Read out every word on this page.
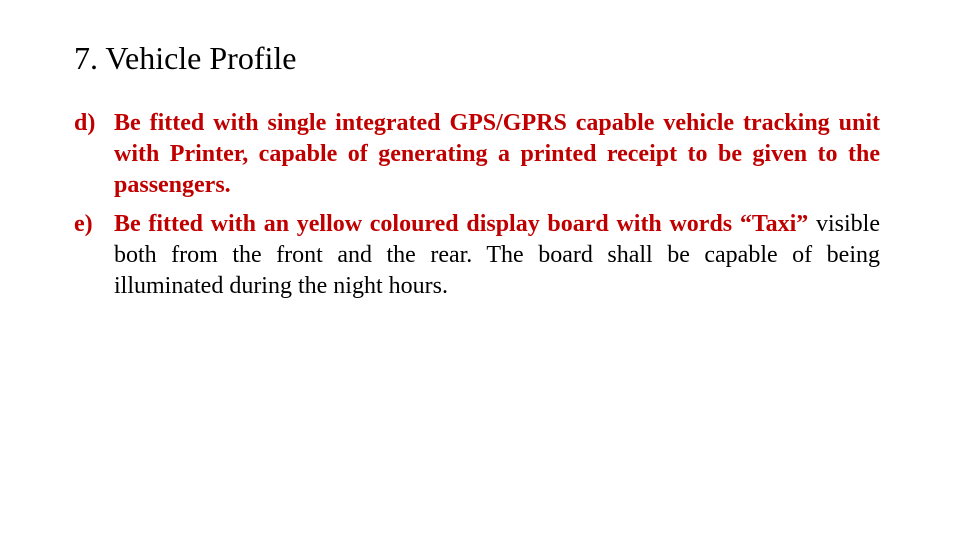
7. Vehicle Profile

d) Be fitted with single integrated GPS/GPRS capable vehicle tracking unit with Printer, capable of generating a printed receipt to be given to the passengers.

e) Be fitted with an yellow coloured display board with words “Taxi” visible both from the front and the rear. The board shall be capable of being illuminated during the night hours.
